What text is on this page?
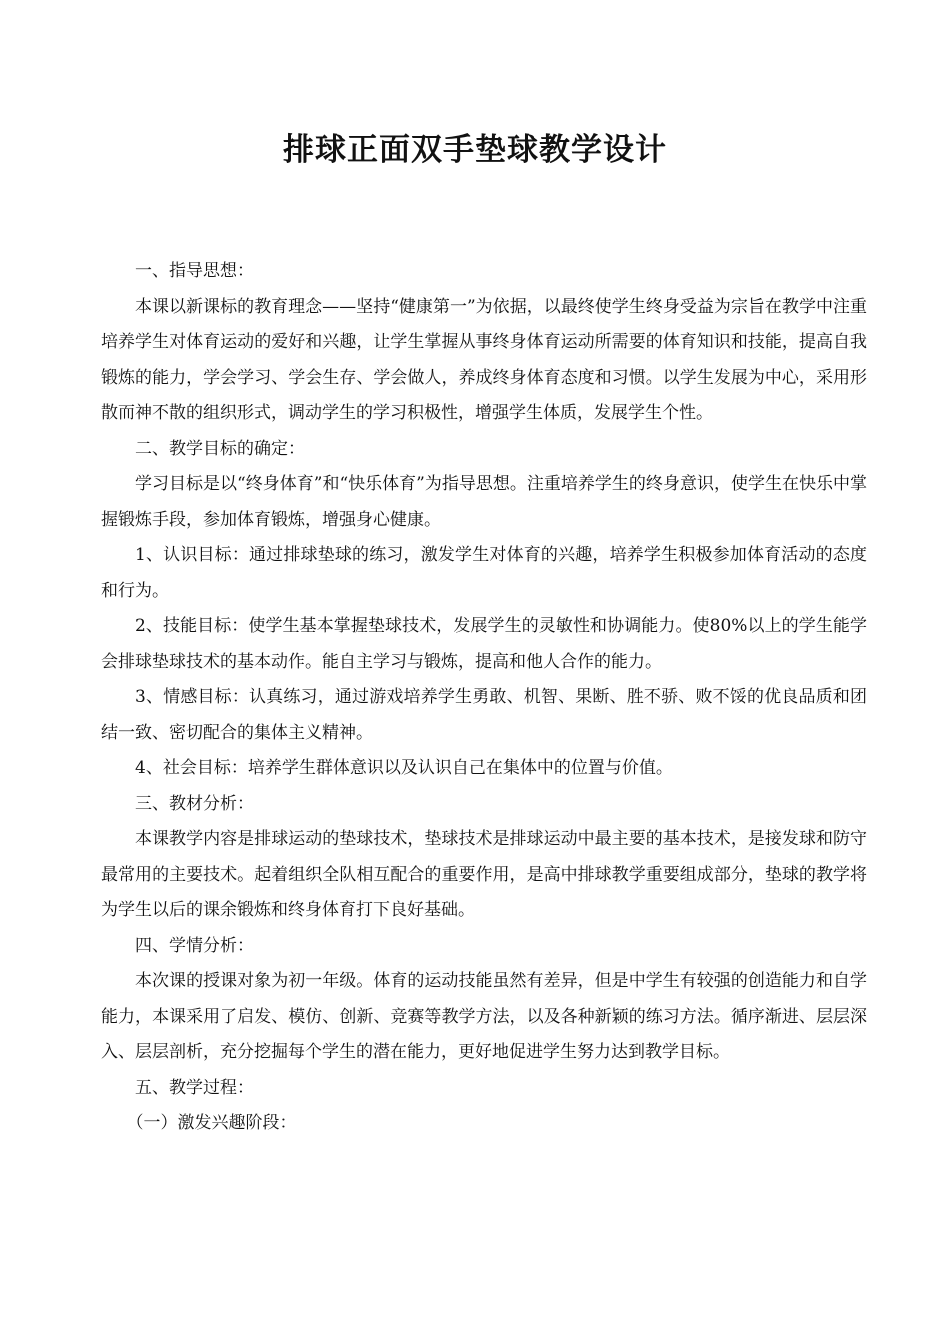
排球正面双手垫球教学设计

一、指导思想：

本课以新课标的教育理念——坚持“健康第一”为依据，以最终使学生终身受益为宗旨在教学中注重培养学生对体育运动的爱好和兴趣，让学生掌握从事终身体育运动所需要的体育知识和技能，提高自我锻炼的能力，学会学习、学会生存、学会做人，养成终身体育态度和习惯。以学生发展为中心，采用形散而神不散的组织形式，调动学生的学习积极性，增强学生体质，发展学生个性。

二、教学目标的确定：

学习目标是以“终身体育”和“快乐体育”为指导思想。注重培养学生的终身意识，使学生在快乐中掌握锻炼手段，参加体育锻炼，增强身心健康。

1、认识目标：通过排球垫球的练习，激发学生对体育的兴趣，培养学生积极参加体育活动的态度和行为。

2、技能目标：使学生基本掌握垫球技术，发展学生的灵敏性和协调能力。使80%以上的学生能学会排球垫球技术的基本动作。能自主学习与锻炼，提高和他人合作的能力。

3、情感目标：认真练习，通过游戏培养学生勇敢、机智、果断、胜不骄、败不馁的优良品质和团结一致、密切配合的集体主义精神。

4、社会目标：培养学生群体意识以及认识自己在集体中的位置与价值。

三、教材分析：

本课教学内容是排球运动的垫球技术，垫球技术是排球运动中最主要的基本技术，是接发球和防守最常用的主要技术。起着组织全队相互配合的重要作用，是高中排球教学重要组成部分，垫球的教学将为学生以后的课余锻炼和终身体育打下良好基础。

四、学情分析：

本次课的授课对象为初一年级。体育的运动技能虽然有差异，但是中学生有较强的创造能力和自学能力，本课采用了启发、模仿、创新、竞赛等教学方法，以及各种新颖的练习方法。循序渐进、层层深入、层层剖析，充分挖掘每个学生的潜在能力，更好地促进学生努力达到教学目标。

五、教学过程：

（一）激发兴趣阶段：
